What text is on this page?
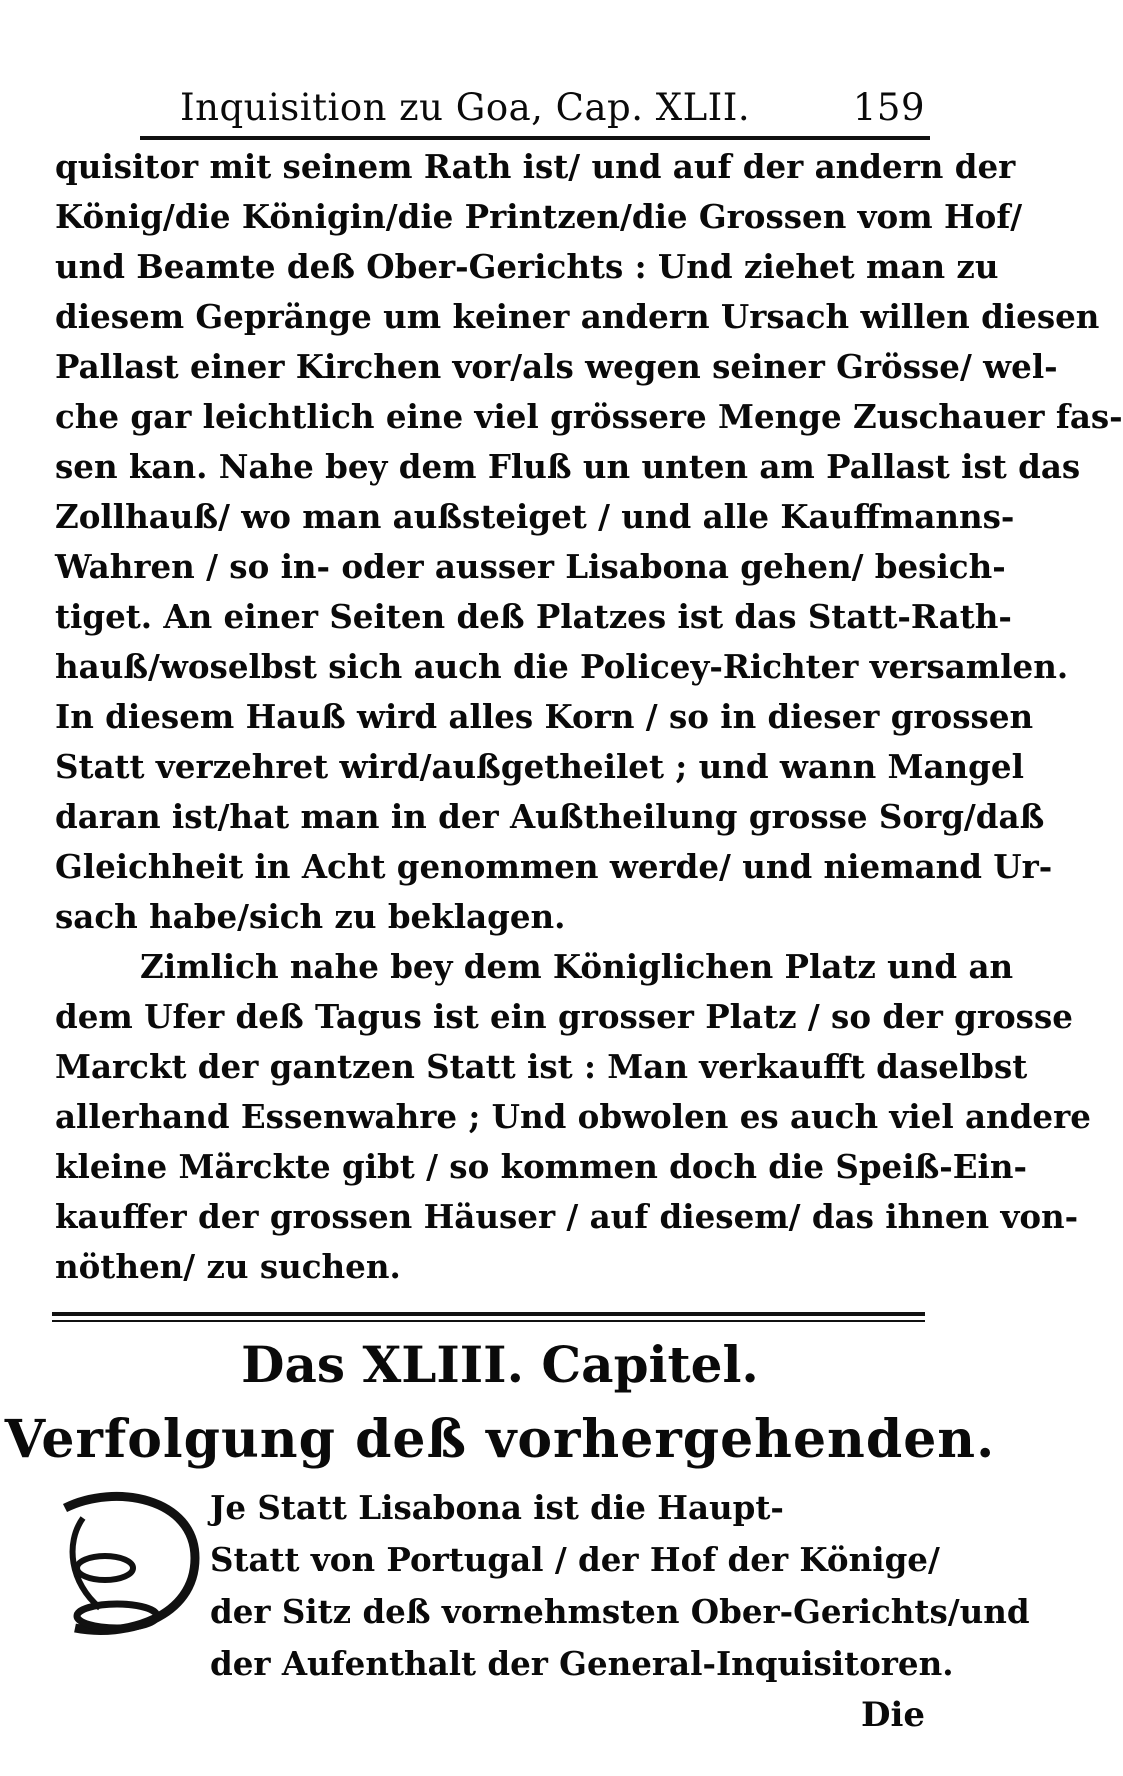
Inquisition zu Goa, Cap. XLII.	159
quisitor mit seinem Rath ist/ und auf der andern der
König/die Königin/die Printzen/die Grossen vom Hof/
und Beamte deß Ober-Gerichts : Und ziehet man zu
diesem Gepränge um keiner andern Ursach willen diesen
Pallast einer Kirchen vor/als wegen seiner Grösse/ wel-
che gar leichtlich eine viel grössere Menge Zuschauer fas-
sen kan. Nahe bey dem Fluß un unten am Pallast ist das
Zollhauß/ wo man außsteiget / und alle Kauffmanns-
Wahren / so in- oder ausser Lisabona gehen/ besich-
tiget. An einer Seiten deß Platzes ist das Statt-Rath-
hauß/woselbst sich auch die Policey-Richter versamlen.
In diesem Hauß wird alles Korn / so in dieser grossen
Statt verzehret wird/außgetheilet ; und wann Mangel
daran ist/hat man in der Außtheilung grosse Sorg/daß
Gleichheit in Acht genommen werde/ und niemand Ur-
sach habe/sich zu beklagen.
Zimlich nahe bey dem Königlichen Platz und an
dem Ufer deß Tagus ist ein grosser Platz / so der grosse
Marckt der gantzen Statt ist : Man verkaufft daselbst
allerhand Essenwahre ; Und obwolen es auch viel andere
kleine Märckte gibt / so kommen doch die Speiß-Ein-
kauffer der grossen Häuser / auf diesem/ das ihnen von-
nöthen/ zu suchen.
Das XLIII. Capitel.
Verfolgung deß vorhergehenden.
Je Statt Lisabona ist die Haupt-
Statt von Portugal / der Hof der Könige/
der Sitz deß vornehmsten Ober-Gerichts/und
der Aufenthalt der General-Inquisitoren.
Die
